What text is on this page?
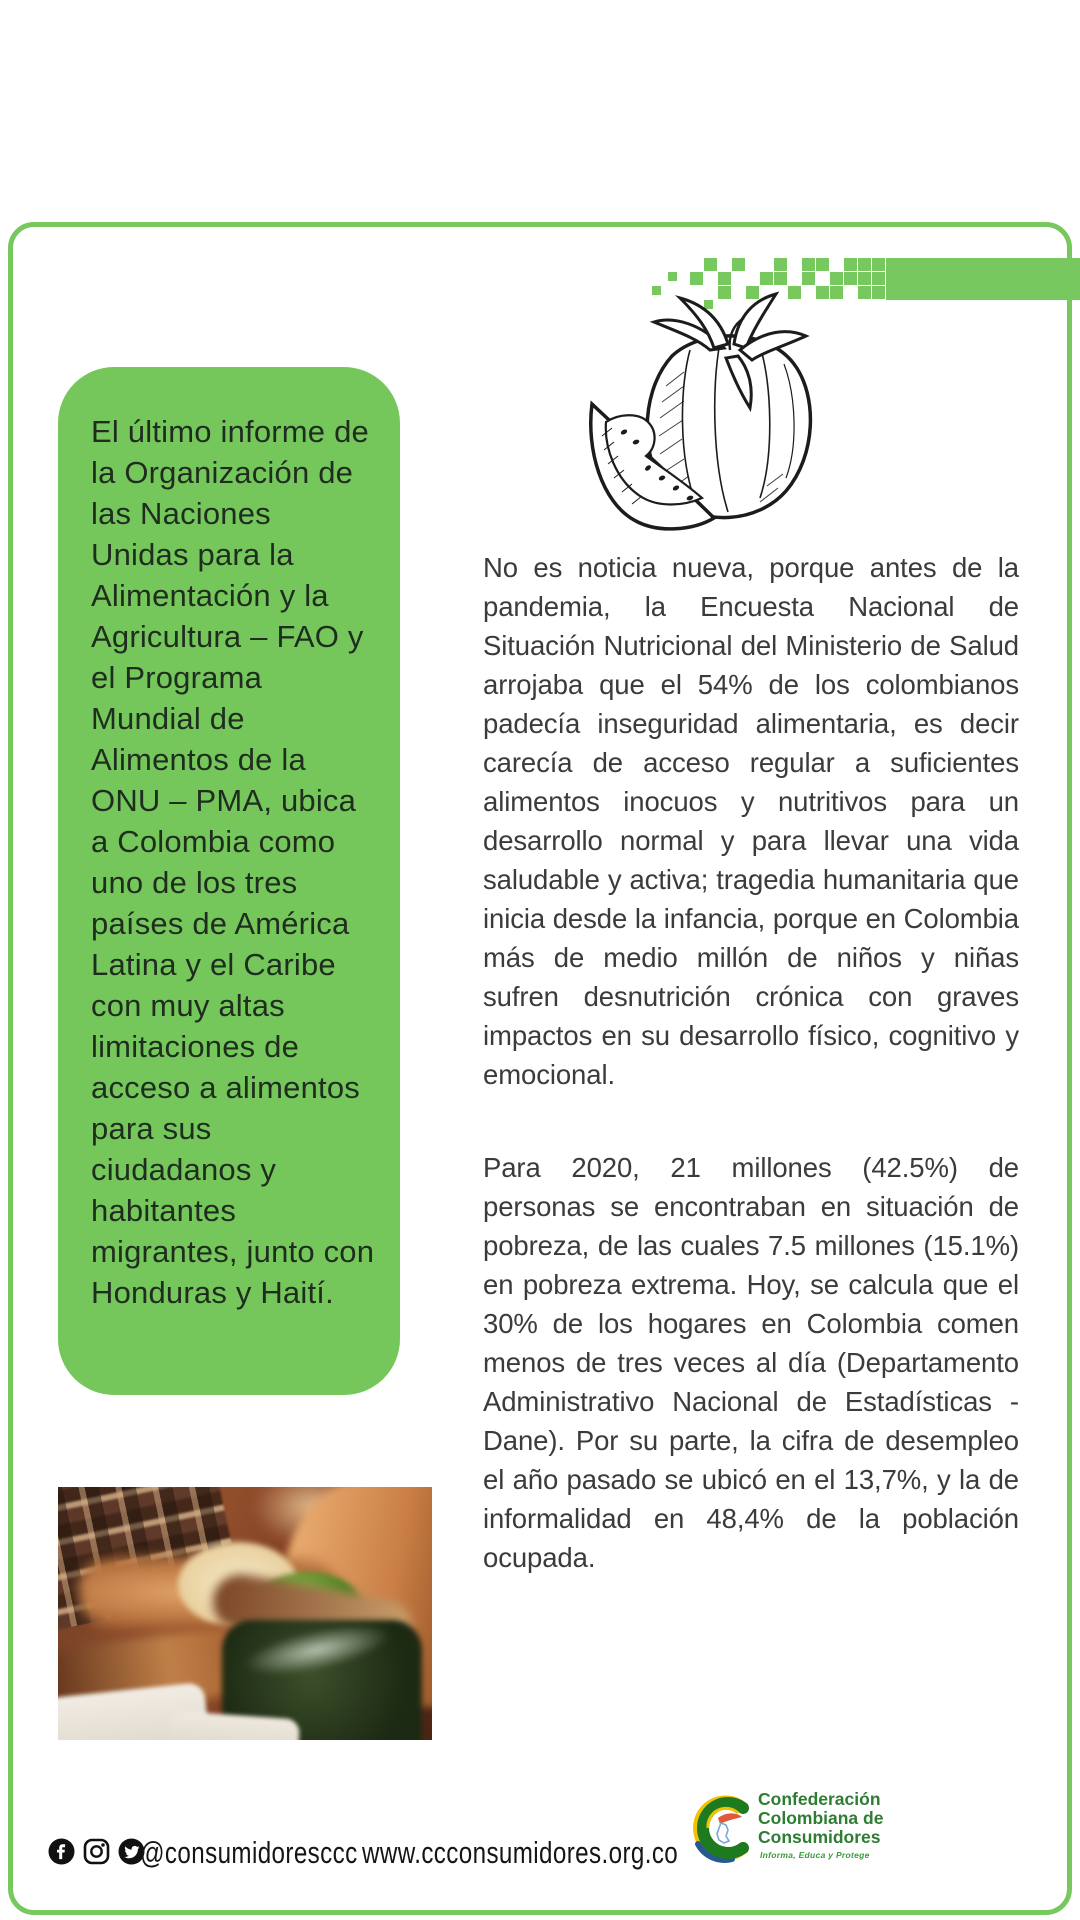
El último informe de la Organización de las Naciones Unidas para la Alimentación y la Agricultura – FAO y el Programa Mundial de Alimentos de la ONU – PMA, ubica a Colombia como uno de los tres países de América Latina y el Caribe con muy altas limitaciones de acceso a alimentos para sus ciudadanos y habitantes migrantes, junto con Honduras y Haití.

No es noticia nueva, porque antes de la pandemia, la Encuesta Nacional de Situación Nutricional del Ministerio de Salud arrojaba que el 54% de los colombianos padecía inseguridad alimentaria, es decir carecía de acceso regular a suficientes alimentos inocuos y nutritivos para un desarrollo normal y para llevar una vida saludable y activa; tragedia humanitaria que inicia desde la infancia, porque en Colombia más de medio millón de niños y niñas sufren desnutrición crónica con graves impactos en su desarrollo físico, cognitivo y emocional.

Para 2020, 21 millones (42.5%) de personas se encontraban en situación de pobreza, de las cuales 7.5 millones (15.1%) en pobreza extrema. Hoy, se calcula que el 30% de los hogares en Colombia comen menos de tres veces al día (Departamento Administrativo Nacional de Estadísticas - Dane). Por su parte, la cifra de desempleo el año pasado se ubicó en el 13,7%, y la de informalidad en 48,4% de la población ocupada.

@consumidoresccc www.ccconsumidores.org.co
Confederación
Colombiana de
Consumidores
Informa, Educa y Protege
